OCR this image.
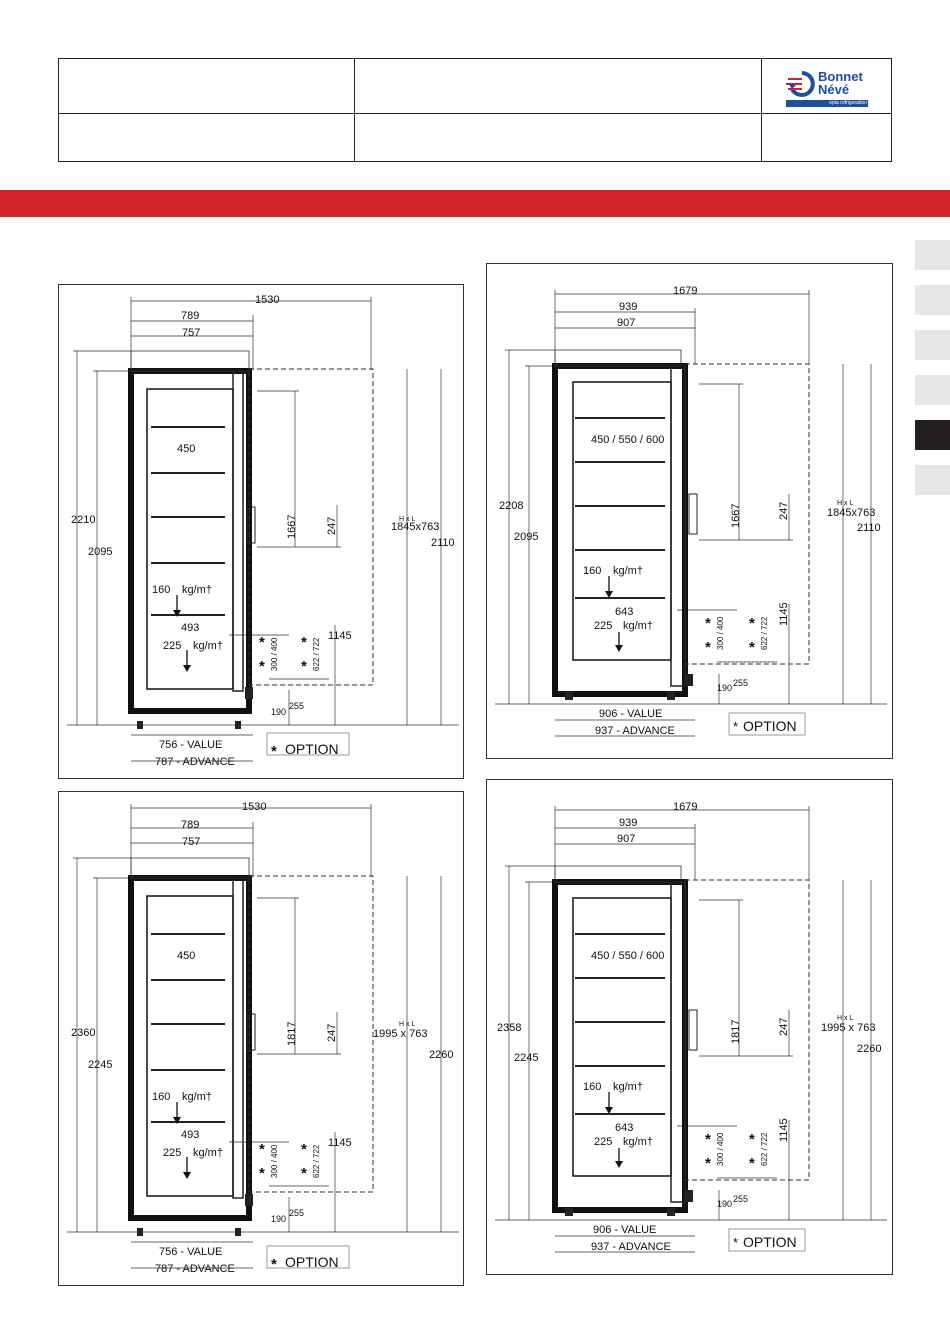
Bonnet
Névé
epta refrigeration
1530
789
757
450
160 kg/m†
493
225 kg/m†
2210
2095
1667	247	H x L
1845x763
2110
1145
*
*
*
*
300 / 400	622 / 722
190
255
756 - VALUE
787 - ADVANCE
* OPTION
1679
939
907
450 / 550 / 600
160 kg/m†
643
225 kg/m†
2208
2095
1667	247	H x L
1845x763
2110
1145
*
*
*
*
300 / 400	622 / 722
190 255
906 - VALUE
937 - ADVANCE	* OPTION
1530
789
757
450
160 kg/m†
493
225 kg/m†
2360
2245
1817	247	H x L
1995 x 763
2260
1145
*
*
*
*
300 / 400	622 / 722
190
255
756 - VALUE
787 - ADVANCE * OPTION
1679
939
907
450 / 550 / 600
160 kg/m†
643
225 kg/m†
2358
2245
1817	247	H x L
1995 x 763
2260
1145
*
*
*
*
300 / 400	622 / 722
190 255
906 - VALUE
937 - ADVANCE	* OPTION
